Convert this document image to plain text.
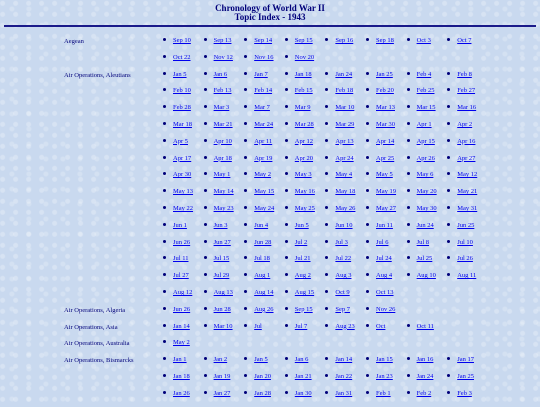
Chronology of World War II
Topic Index - 1943
Aegean	Sep 10	Sep 13	Sep 14	Sep 15	Sep 16	Sep 18	Oct 3	Oct 7
Oct 22	Nov 12	Nov 16	Nov 20
Air Operations, Aleutians	Jan 5	Jan 6	Jan 7	Jan 18	Jan 24	Jan 25	Feb 4	Feb 8
Feb 10	Feb 13	Feb 14	Feb 15	Feb 18	Feb 20	Feb 25	Feb 27
Feb 28	Mar 3	Mar 7	Mar 9	Mar 10	Mar 13	Mar 15	Mar 16
Mar 18	Mar 21	Mar 24	Mar 28	Mar 29	Mar 30	Apr 1	Apr 2
Apr 5	Apr 10	Apr 11	Apr 12	Apr 13	Apr 14	Apr 15	Apr 16
Apr 17	Apr 18	Apr 19	Apr 20	Apr 24	Apr 25	Apr 26	Apr 27
Apr 30	May 1	May 2	May 3	May 4	May 5	May 6	May 12
May 13	May 14	May 15	May 16	May 18	May 19	May 20	May 21
May 22	May 23	May 24	May 25	May 26	May 27	May 30	May 31
Jun 1	Jun 3	Jun 4	Jun 5	Jun 10	Jun 11	Jun 24	Jun 25
Jun 26	Jun 27	Jun 28	Jul 2	Jul 3	Jul 6	Jul 8	Jul 10
Jul 11	Jul 15	Jul 18	Jul 21	Jul 22	Jul 24	Jul 25	Jul 26
Jul 27	Jul 29	Aug 1	Aug 2	Aug 3	Aug 4	Aug 10	Aug 11
Aug 12	Aug 13	Aug 14	Aug 15	Oct 9	Oct 13
Air Operations, Algeria	Jun 26	Jun 28	Aug 26	Sep 15	Sep 7	Nov 26
Air Operations, Asia	Jan 14	Mar 10	Jul	Jul 7	Aug 23	Oct	Oct 11
Air Operations, Australia	May 2
Air Operations, Bismarcks	Jan 1	Jan 2	Jan 5	Jan 6	Jan 14	Jan 15	Jan 16	Jan 17
Jan 18	Jan 19	Jan 20	Jan 21	Jan 22	Jan 23	Jan 24	Jan 25
Jan 26	Jan 27	Jan 28	Jan 30	Jan 31	Feb 1	Feb 2	Feb 3
